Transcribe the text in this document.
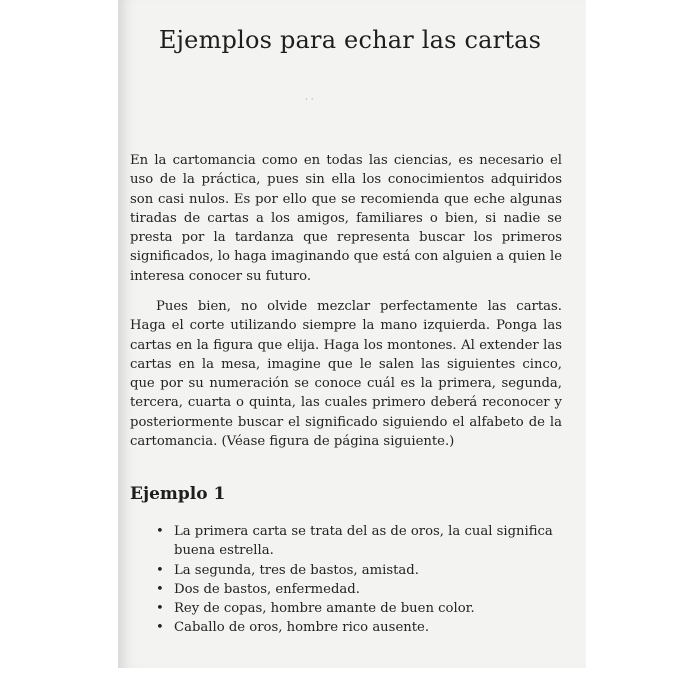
Ejemplos para echar las cartas
· ·

En la cartomancia como en todas las ciencias, es necesario el uso de la práctica, pues sin ella los conocimientos adquiridos son casi nulos. Es por ello que se recomienda que eche algunas tiradas de cartas a los amigos, familiares o bien, si nadie se presta por la tardanza que representa buscar los primeros significados, lo haga imaginando que está con alguien a quien le interesa conocer su futuro.

Pues bien, no olvide mezclar perfectamente las cartas. Haga el corte utilizando siempre la mano izquierda. Ponga las cartas en la figura que elija. Haga los montones. Al extender las cartas en la mesa, imagine que le salen las siguientes cinco, que por su numeración se conoce cuál es la primera, segunda, tercera, cuarta o quinta, las cuales primero deberá reconocer y posteriormente buscar el significado siguiendo el alfabeto de la cartomancia. (Véase figura de página siguiente.)

Ejemplo 1
• La primera carta se trata del as de oros, la cual significa buena estrella.
• La segunda, tres de bastos, amistad.
• Dos de bastos, enfermedad.
• Rey de copas, hombre amante de buen color.
• Caballo de oros, hombre rico ausente.
